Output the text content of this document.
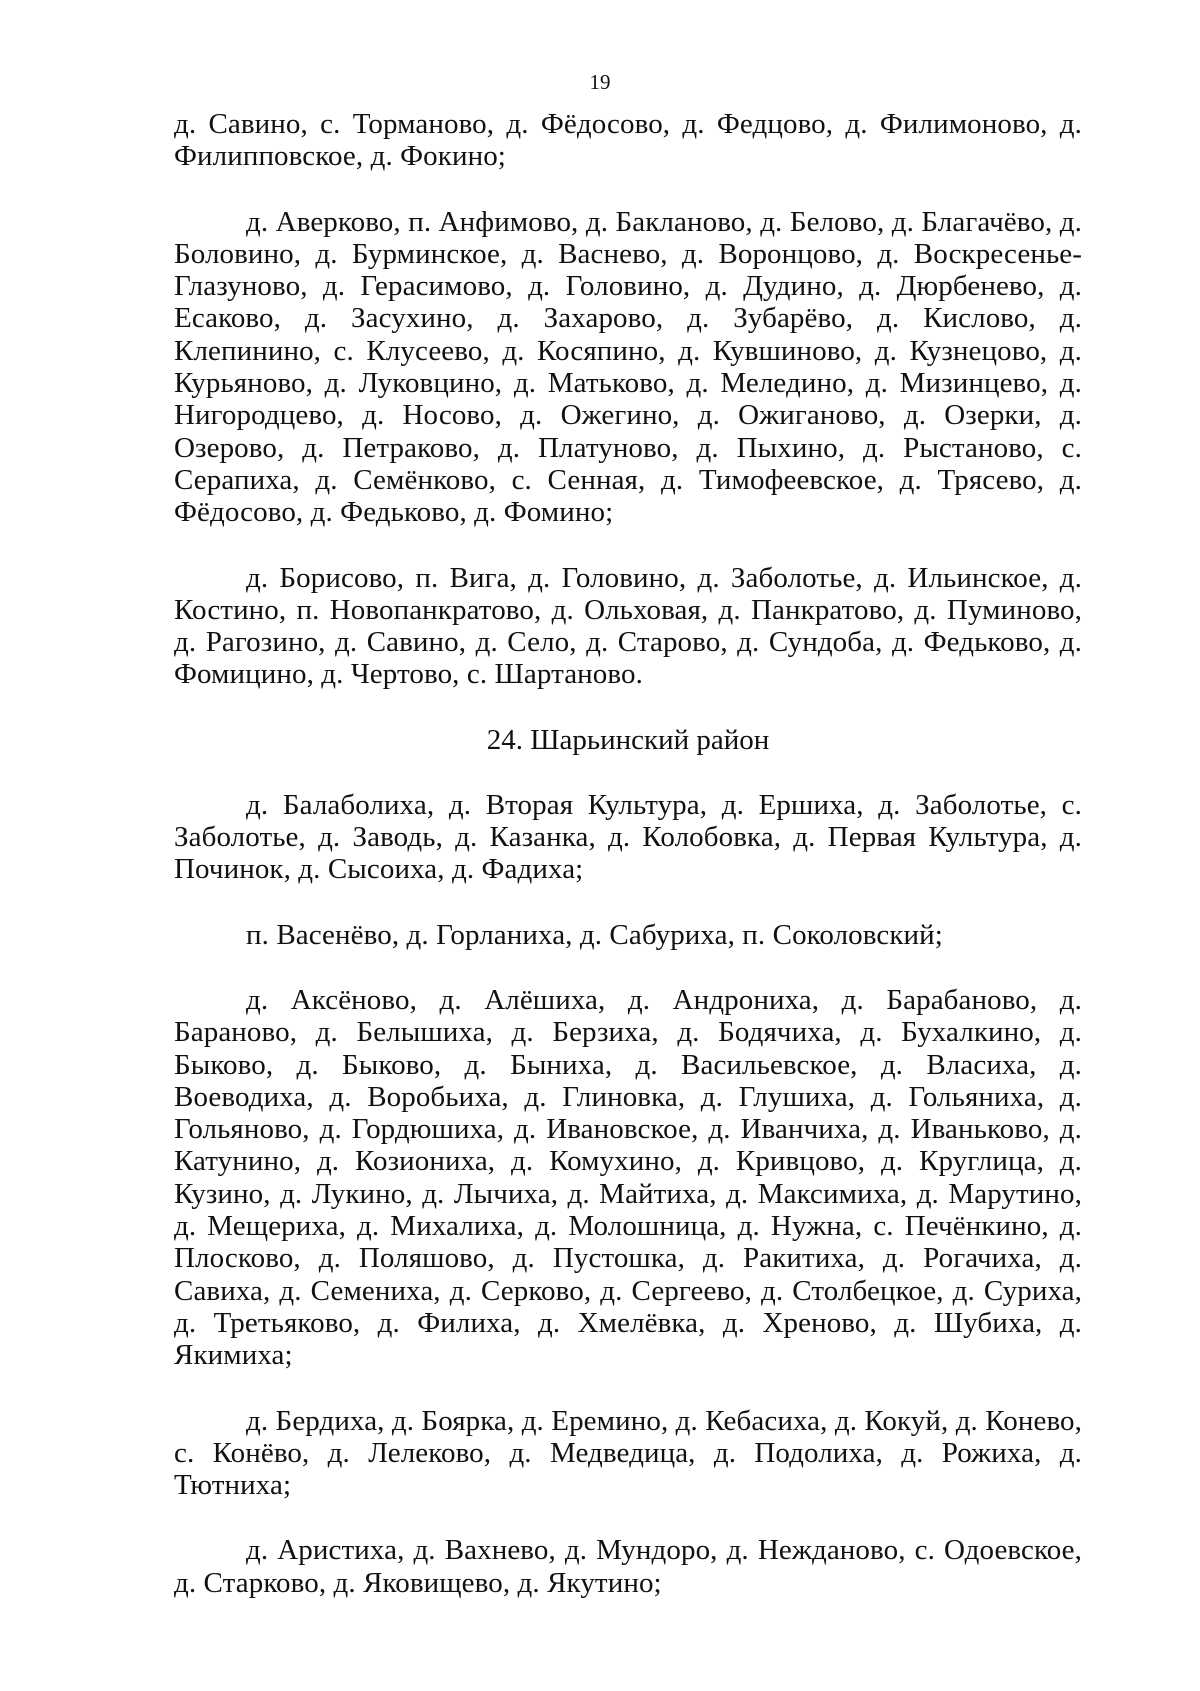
19

д. Савино, с. Торманово, д. Фёдосово, д. Федцово, д. Филимоново, д. Филипповское, д. Фокино;

д. Аверково, п. Анфимово, д. Бакланово, д. Белово, д. Благачёво, д. Боловино, д. Бурминское, д. Васнево, д. Воронцово, д. Воскресенье-Глазуново, д. Герасимово, д. Головино, д. Дудино, д. Дюрбенево, д. Есаково, д. Засухино, д. Захарово, д. Зубарёво, д. Кислово, д. Клепинино, с. Клусеево, д. Косяпино, д. Кувшиново, д. Кузнецово, д. Курьяново, д. Луковцино, д. Матьково, д. Меледино, д. Мизинцево, д. Нигородцево, д. Носово, д. Ожегино, д. Ожиганово, д. Озерки, д. Озерово, д. Петраково, д. Платуново, д. Пыхино, д. Рыстаново, с. Серапиха, д. Семёнково, с. Сенная, д. Тимофеевское, д. Трясево, д. Фёдосово, д. Федьково, д. Фомино;

д. Борисово, п. Вига, д. Головино, д. Заболотье, д. Ильинское, д. Костино, п. Новопанкратово, д. Ольховая, д. Панкратово, д. Пуминово, д. Рагозино, д. Савино, д. Село, д. Старово, д. Сундоба, д. Федьково, д. Фомицино, д. Чертово, с. Шартаново.

24. Шарьинский район

д. Балаболиха, д. Вторая Культура, д. Ершиха, д. Заболотье, с. Заболотье, д. Заводь, д. Казанка, д. Колобовка, д. Первая Культура, д. Починок, д. Сысоиха, д. Фадиха;

п. Васенёво, д. Горланиха, д. Сабуриха, п. Соколовский;

д. Аксёново, д. Алёшиха, д. Андрониха, д. Барабаново, д. Бараново, д. Белышиха, д. Берзиха, д. Бодячиха, д. Бухалкино, д. Быково, д. Быково, д. Быниха, д. Васильевское, д. Власиха, д. Воеводиха, д. Воробьиха, д. Глиновка, д. Глушиха, д. Гольяниха, д. Гольяново, д. Гордюшиха, д. Ивановское, д. Иванчиха, д. Иваньково, д. Катунино, д. Козиониха, д. Комухино, д. Кривцово, д. Круглица, д. Кузино, д. Лукино, д. Лычиха, д. Майтиха, д. Максимиха, д. Марутино, д. Мещериха, д. Михалиха, д. Молошница, д. Нужна, с. Печёнкино, д. Плосково, д. Поляшово, д. Пустошка, д. Ракитиха, д. Рогачиха, д. Савиха, д. Семениха, д. Серково, д. Сергеево, д. Столбецкое, д. Суриха, д. Третьяково, д. Филиха, д. Хмелёвка, д. Хреново, д. Шубиха, д. Якимиха;

д. Бердиха, д. Боярка, д. Еремино, д. Кебасиха, д. Кокуй, д. Конево, с. Конёво, д. Лелеково, д. Медведица, д. Подолиха, д. Рожиха, д. Тютниха;

д. Аристиха, д. Вахнево, д. Мундоро, д. Нежданово, с. Одоевское, д. Старково, д. Яковищево, д. Якутино;
